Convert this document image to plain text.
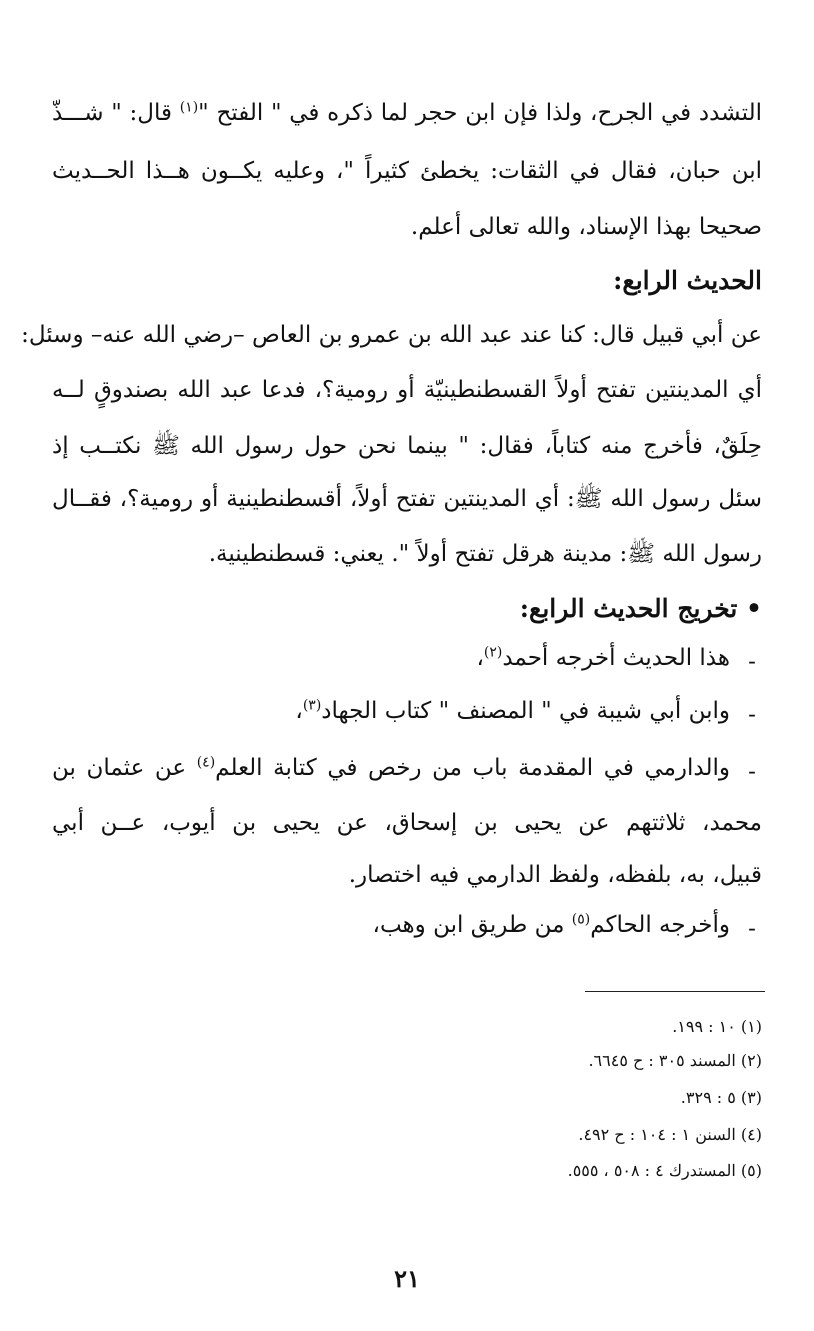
التشدد في الجرح، ولذا فإن ابن حجر لما ذكره في " الفتح "$^{(١)}$ قال: " شـــذّ
ابن حبان، فقال في الثقات: يخطئ كثيراً "، وعليه يكــون هــذا الحــديث
صحيحا بهذا الإسناد، والله تعالى أعلم.
الحديث الرابع:
عن أبي قبيل قال: كنا عند عبد الله بن عمرو بن العاص –رضي الله عنه– وسئل:
أي المدينتين تفتح أولاً القسطنطينيّة أو رومية؟، فدعا عبد الله بصندوقٍ لــه
حِلَقٌ، فأخرج منه كتاباً، فقال: " بينما نحن حول رسول الله ﷺ نكتــب إذ
سئل رسول الله ﷺ: أي المدينتين تفتح أولاً، أقسطنطينية أو رومية؟، فقــال
رسول الله ﷺ: مدينة هرقل تفتح أولاً ". يعني: قسطنطينية.
• تخريج الحديث الرابع:
-
هذا الحديث أخرجه أحمد$^{(٢)}$،
-
وابن أبي شيبة في " المصنف " كتاب الجهاد$^{(٣)}$،
-
والدارمي في المقدمة باب من رخص في كتابة العلم$^{(٤)}$ عن عثمان بن
محمد، ثلاثتهم عن يحيى بن إسحاق، عن يحيى بن أيوب، عــن أبي
قبيل، به، بلفظه، ولفظ الدارمي فيه اختصار.
-
وأخرجه الحاكم$^{(٥)}$ من طريق ابن وهب،
(١) ١٠ : ١٩٩.
(٢) المسند ٣٠٥ : ح ٦٦٤٥.
(٣) ٥ : ٣٢٩.
(٤) السنن ١ : ١٠٤ : ح ٤٩٢.
(٥) المستدرك ٤ : ٥٠٨ ، ٥٥٥.
٢١
